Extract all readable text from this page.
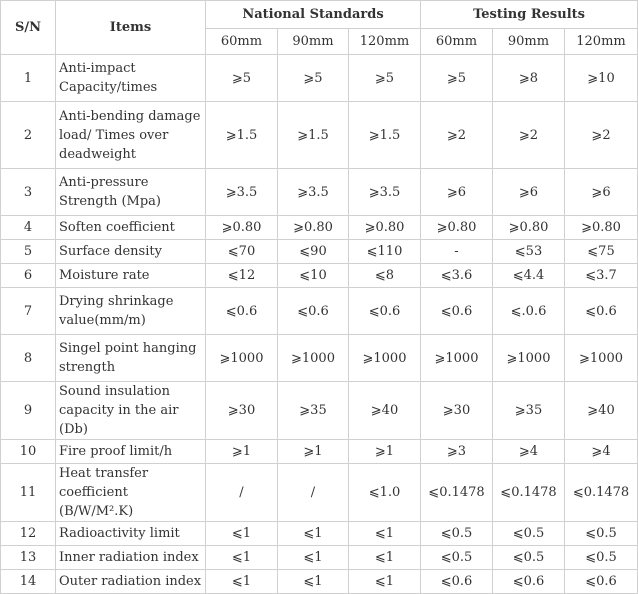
S/N	Items	National Standards			Testing Results		
		60mm	90mm	120mm	60mm	90mm	120mm
1	Anti-impact Capacity/times	⩾5	⩾5	⩾5	⩾5	⩾8	⩾10
2	Anti-bending damage load/ Times over deadweight	⩾1.5	⩾1.5	⩾1.5	⩾2	⩾2	⩾2
3	Anti-pressure Strength (Mpa)	⩾3.5	⩾3.5	⩾3.5	⩾6	⩾6	⩾6
4	Soften coefficient	⩾0.80	⩾0.80	⩾0.80	⩾0.80	⩾0.80	⩾0.80
5	Surface density	⩽70	⩽90	⩽110	-	⩽53	⩽75
6	Moisture rate	⩽12	⩽10	⩽8	⩽3.6	⩽4.4	⩽3.7
7	Drying shrinkage value(mm/m)	⩽0.6	⩽0.6	⩽0.6	⩽0.6	⩽.0.6	⩽0.6
8	Singel point hanging strength	⩾1000	⩾1000	⩾1000	⩾1000	⩾1000	⩾1000
9	Sound insulation capacity in the air (Db)	⩾30	⩾35	⩾40	⩾30	⩾35	⩾40
10	Fire proof limit/h	⩾1	⩾1	⩾1	⩾3	⩾4	⩾4
11	Heat transfer coefficient (B/W/M².K)	/	/	⩽1.0	⩽0.1478	⩽0.1478	⩽0.1478
12	Radioactivity limit	⩽1	⩽1	⩽1	⩽0.5	⩽0.5	⩽0.5
13	Inner radiation index	⩽1	⩽1	⩽1	⩽0.5	⩽0.5	⩽0.5
14	Outer radiation index	⩽1	⩽1	⩽1	⩽0.6	⩽0.6	⩽0.6
